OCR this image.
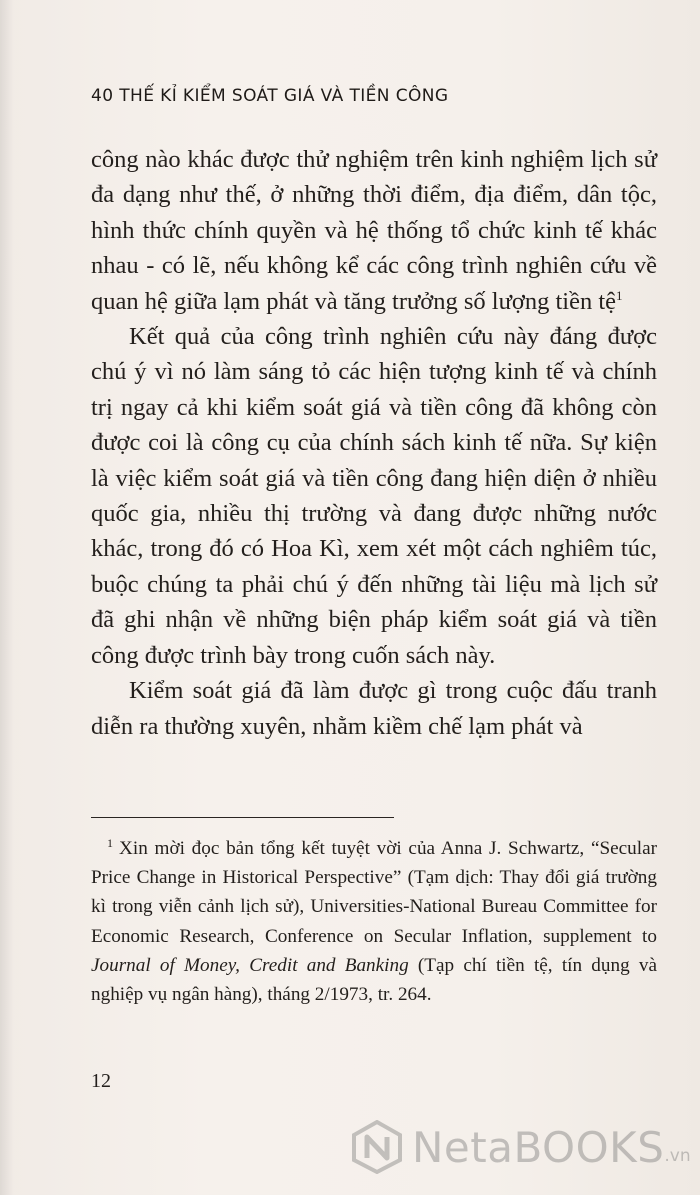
40 THẾ KỈ KIỂM SOÁT GIÁ VÀ TIỀN CÔNG

công nào khác được thử nghiệm trên kinh nghiệm lịch sử đa dạng như thế, ở những thời điểm, địa điểm, dân tộc, hình thức chính quyền và hệ thống tổ chức kinh tế khác nhau - có lẽ, nếu không kể các công trình nghiên cứu về quan hệ giữa lạm phát và tăng trưởng số lượng tiền tệ$^1$

Kết quả của công trình nghiên cứu này đáng được chú ý vì nó làm sáng tỏ các hiện tượng kinh tế và chính trị ngay cả khi kiểm soát giá và tiền công đã không còn được coi là công cụ của chính sách kinh tế nữa. Sự kiện là việc kiểm soát giá và tiền công đang hiện diện ở nhiều quốc gia, nhiều thị trường và đang được những nước khác, trong đó có Hoa Kì, xem xét một cách nghiêm túc, buộc chúng ta phải chú ý đến những tài liệu mà lịch sử đã ghi nhận về những biện pháp kiểm soát giá và tiền công được trình bày trong cuốn sách này.

Kiểm soát giá đã làm được gì trong cuộc đấu tranh diễn ra thường xuyên, nhằm kiềm chế lạm phát và

$^1$ Xin mời đọc bản tổng kết tuyệt vời của Anna J. Schwartz, “Secular Price Change in Historical Perspective” (Tạm dịch: Thay đổi giá trường kì trong viễn cảnh lịch sử), Universities-National Bureau Committee for Economic Research, Conference on Secular Inflation, supplement to Journal of Money, Credit and Banking (Tạp chí tiền tệ, tín dụng và nghiệp vụ ngân hàng), tháng 2/1973, tr. 264.
12
NetaBOOKS .vn
